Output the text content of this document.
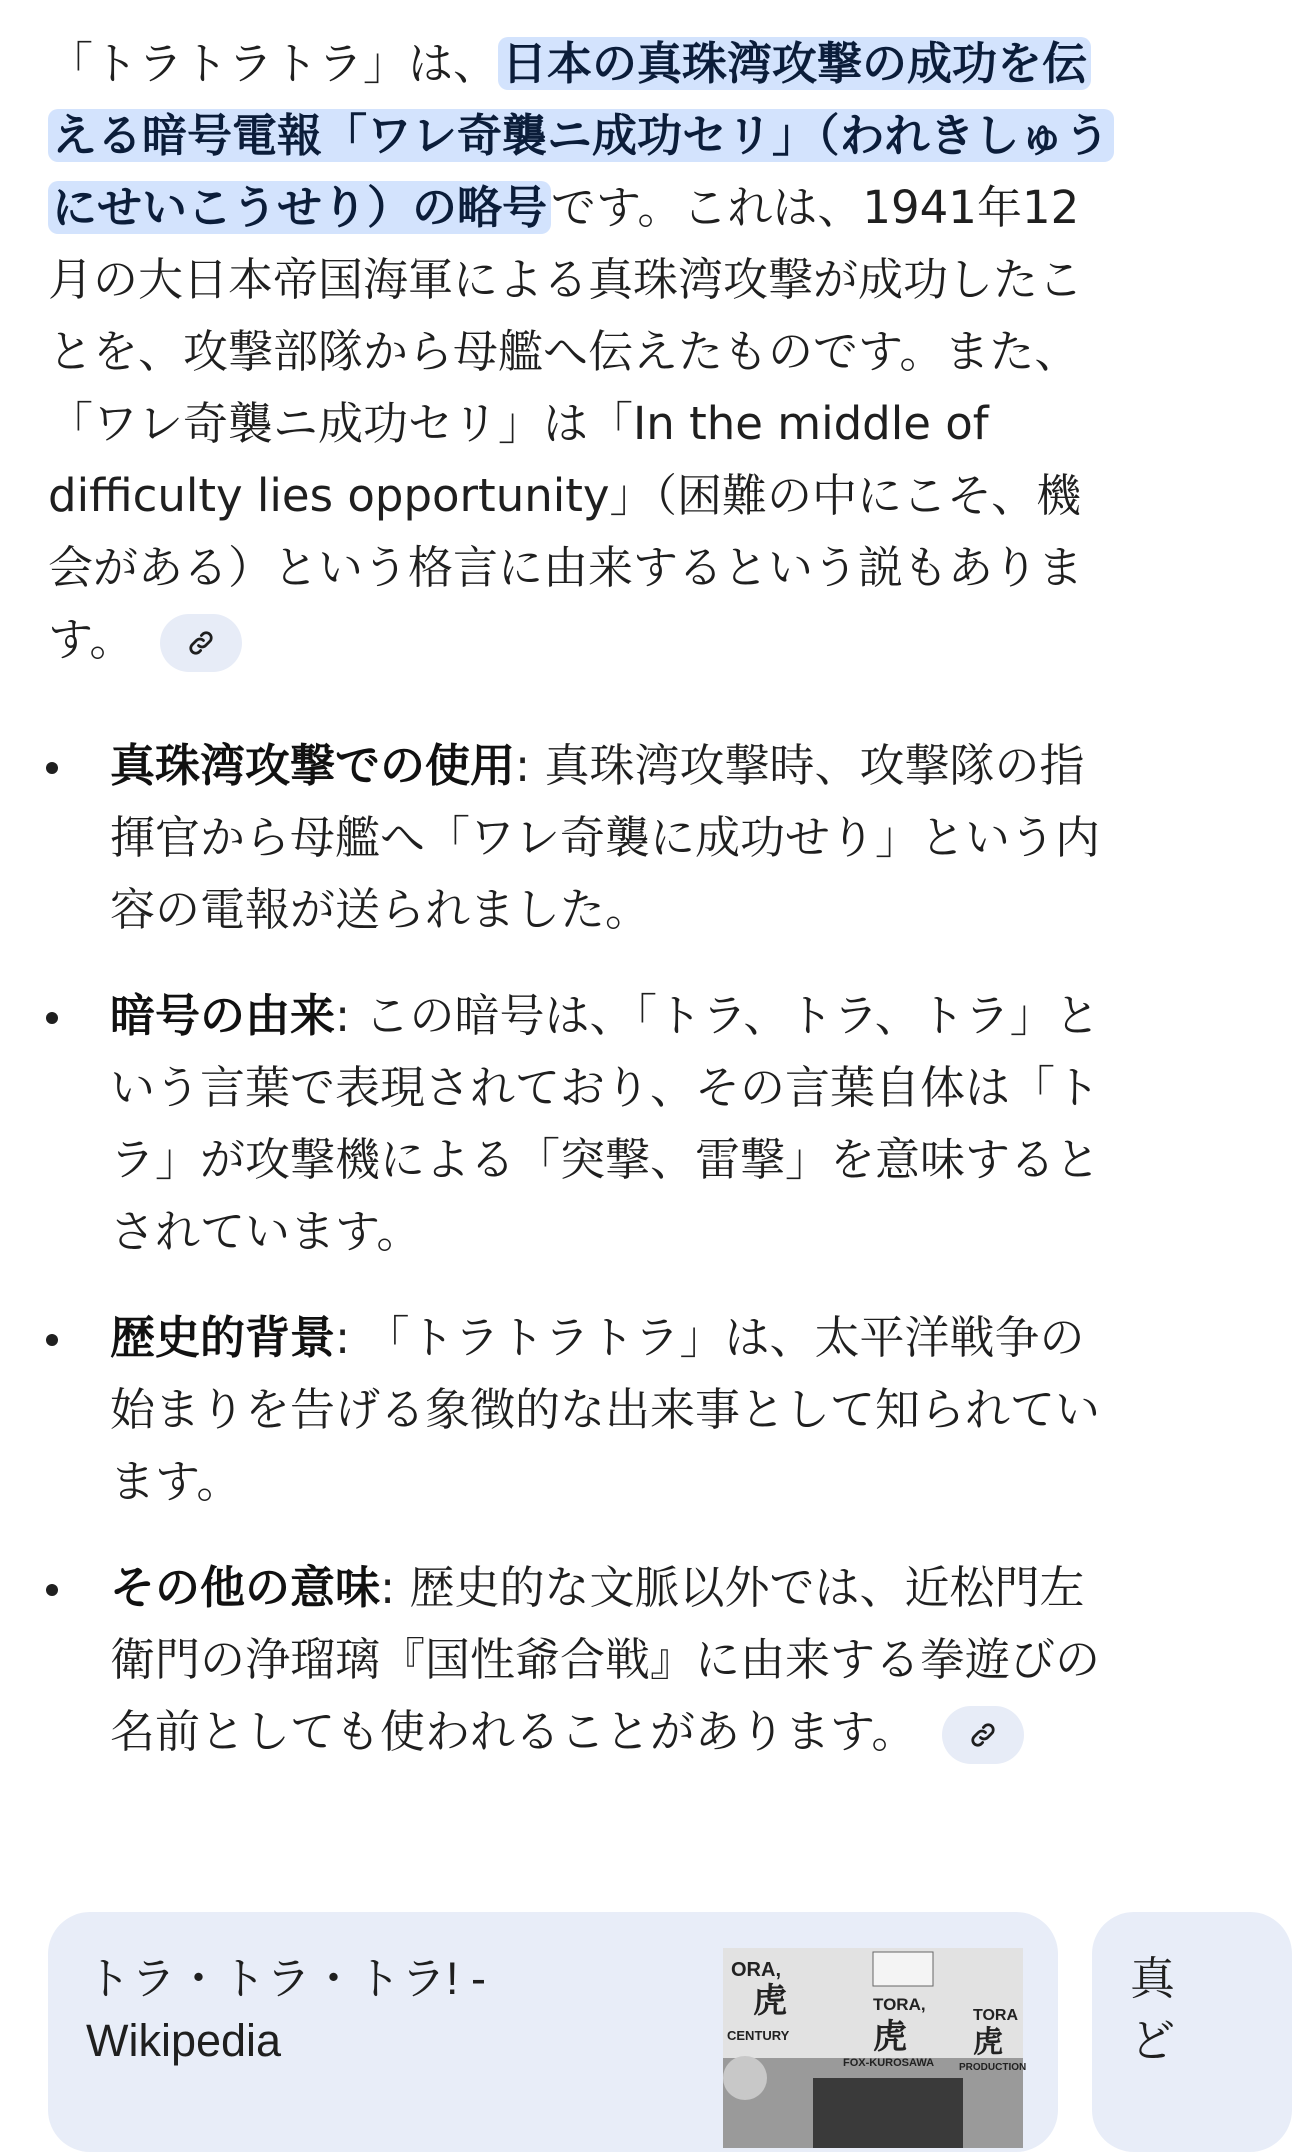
「トラトラトラ」は、日本の真珠湾攻撃の成功を伝える暗号電報「ワレ奇襲ニ成功セリ」（われきしゅうにせいこうせり）の略号です。これは、1941年12月の大日本帝国海軍による真珠湾攻撃が成功したことを、攻撃部隊から母艦へ伝えたものです。また、「ワレ奇襲ニ成功セリ」は「In the middle of difficulty lies opportunity」（困難の中にこそ、機会がある）という格言に由来するという説もあります。

真珠湾攻撃での使用: 真珠湾攻撃時、攻撃隊の指揮官から母艦へ「ワレ奇襲に成功せり」という内容の電報が送られました。
暗号の由来: この暗号は、「トラ、トラ、トラ」という言葉で表現されており、その言葉自体は「トラ」が攻撃機による「突撃、雷撃」を意味するとされています。
歴史的背景: 「トラトラトラ」は、太平洋戦争の始まりを告げる象徴的な出来事として知られています。
その他の意味: 歴史的な文脈以外では、近松門左衛門の浄瑠璃『国性爺合戦』に由来する拳遊びの名前としても使われることがあります。
トラ・トラ・トラ! -
Wikipedia
ORA,
TORA,
TORA
虎
虎 虎
CENTURY
FOX-KUROSAWA PRODUCTION
真
ど
